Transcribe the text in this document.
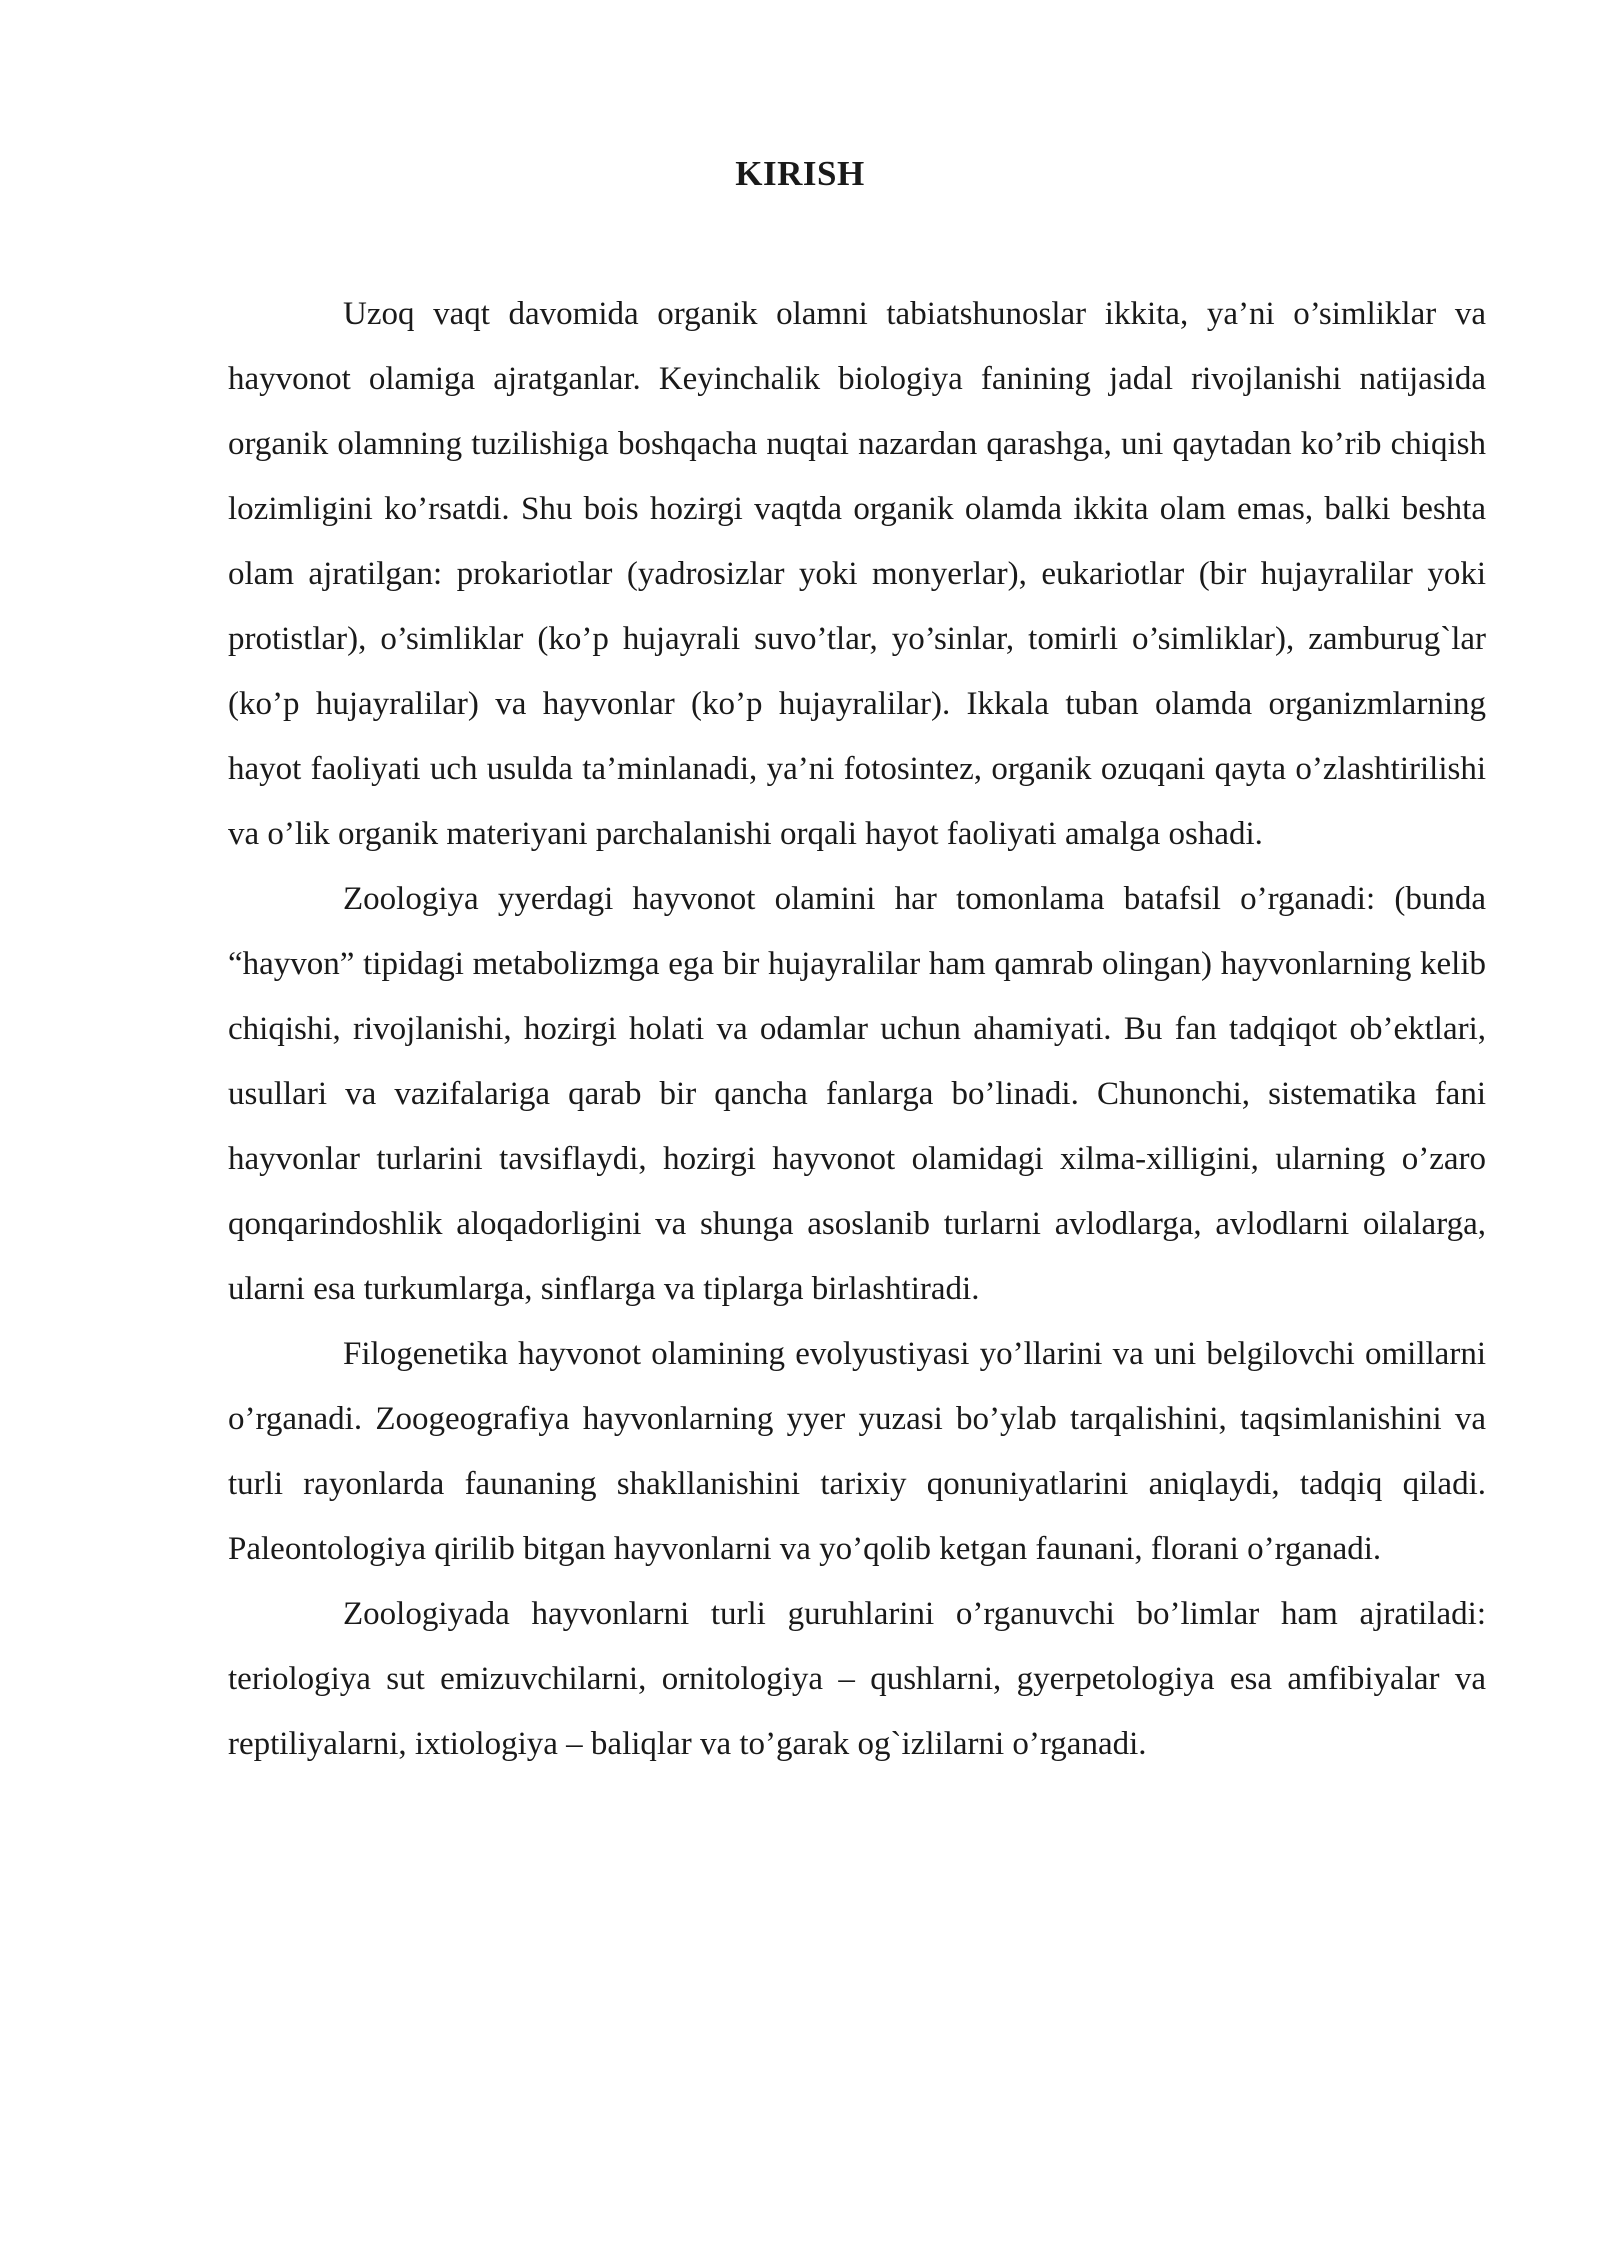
KIRISH

Uzoq vaqt davomida organik olamni tabiatshunoslar ikkita, ya’ni o’simliklar va hayvonot olamiga ajratganlar. Keyinchalik biologiya fanining jadal rivojlanishi natijasida organik olamning tuzilishiga boshqacha nuqtai nazardan qarashga, uni qaytadan ko’rib chiqish lozimligini ko’rsatdi. Shu bois hozirgi vaqtda organik olamda ikkita olam emas, balki beshta olam ajratilgan: prokariotlar (yadrosizlar yoki monyerlar), eukariotlar (bir hujayralilar yoki protistlar), o’simliklar (ko’p hujayrali suvo’tlar, yo’sinlar, tomirli o’simliklar), zamburug`lar (ko’p hujayralilar) va hayvonlar (ko’p hujayralilar). Ikkala tuban olamda organizmlarning hayot faoliyati uch usulda ta’minlanadi, ya’ni fotosintez, organik ozuqani qayta o’zlashtirilishi va o’lik organik materiyani parchalanishi orqali hayot faoliyati amalga oshadi.

Zoologiya yyerdagi hayvonot olamini har tomonlama batafsil o’rganadi: (bunda “hayvon” tipidagi metabolizmga ega bir hujayralilar ham qamrab olingan) hayvonlarning kelib chiqishi, rivojlanishi, hozirgi holati va odamlar uchun ahamiyati. Bu fan tadqiqot ob’ektlari, usullari va vazifalariga qarab bir qancha fanlarga bo’linadi. Chunonchi, sistematika fani hayvonlar turlarini tavsiflaydi, hozirgi hayvonot olamidagi xilma-xilligini, ularning o’zaro qonqarindoshlik aloqadorligini va shunga asoslanib turlarni avlodlarga, avlodlarni oilalarga, ularni esa turkumlarga, sinflarga va tiplarga birlashtiradi.

Filogenetika hayvonot olamining evolyustiyasi yo’llarini va uni belgilovchi omillarni o’rganadi. Zoogeografiya hayvonlarning yyer yuzasi bo’ylab tarqalishini, taqsimlanishini va turli rayonlarda faunaning shakllanishini tarixiy qonuniyatlarini aniqlaydi, tadqiq qiladi. Paleontologiya qirilib bitgan hayvonlarni va yo’qolib ketgan faunani, florani o’rganadi.

Zoologiyada hayvonlarni turli guruhlarini o’rganuvchi bo’limlar ham ajratiladi: teriologiya sut emizuvchilarni, ornitologiya – qushlarni, gyerpetologiya esa amfibiyalar va reptiliyalarni, ixtiologiya – baliqlar va to’garak og`izlilarni o’rganadi.
